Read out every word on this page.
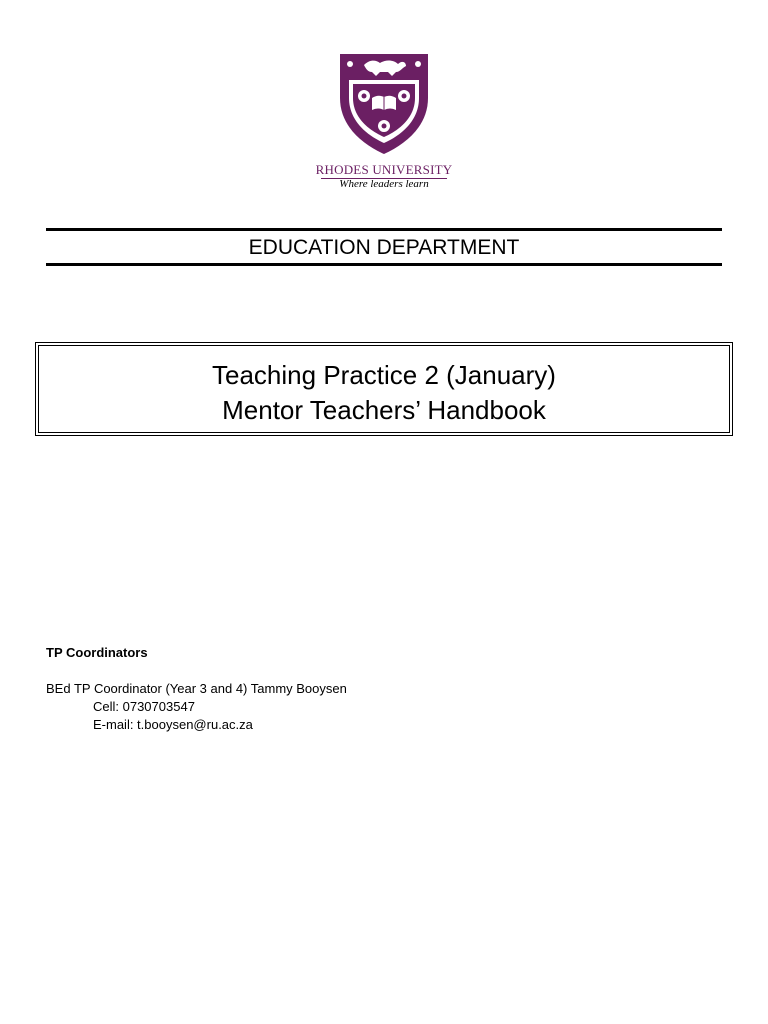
RHODES UNIVERSITY
Where leaders learn
EDUCATION DEPARTMENT
Teaching Practice 2 (January)
Mentor Teachers’ Handbook
TP Coordinators
BEd TP Coordinator (Year 3 and 4) Tammy Booysen
Cell: 0730703547
E-mail: t.booysen@ru.ac.za
